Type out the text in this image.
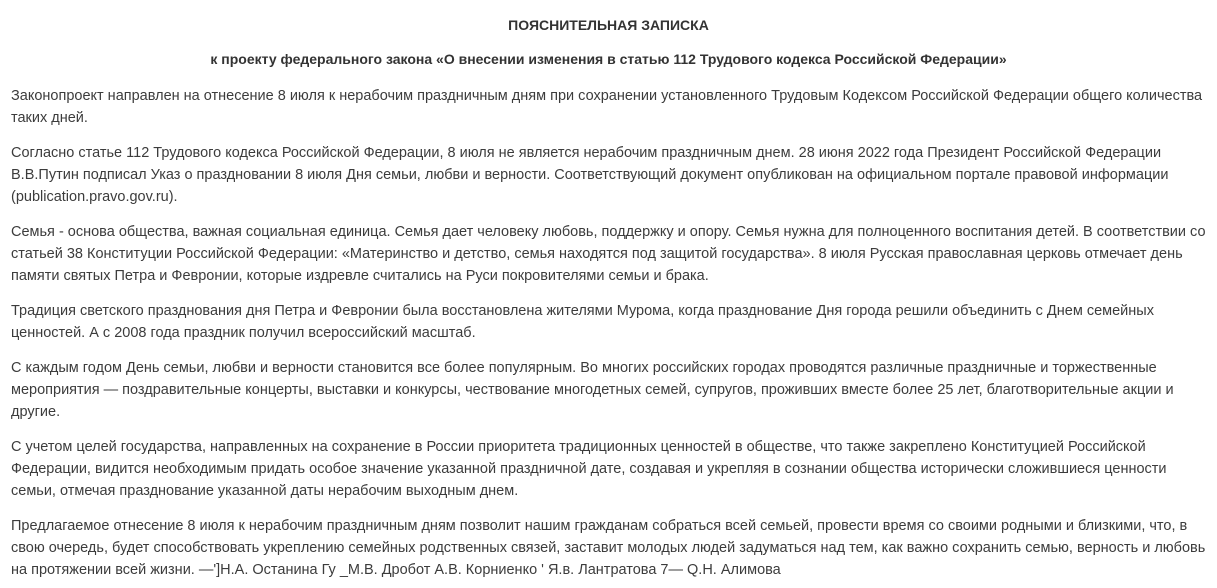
ПОЯСНИТЕЛЬНАЯ ЗАПИСКА
к проекту федерального закона «О внесении изменения в статью 112 Трудового кодекса Российской Федерации»

Законопроект направлен на отнесение 8 июля к нерабочим праздничным дням при сохранении установленного Трудовым Кодексом Российской Федерации общего количества таких дней.

Согласно статье 112 Трудового кодекса Российской Федерации, 8 июля не является нерабочим праздничным днем. 28 июня 2022 года Президент Российской Федерации В.В.Путин подписал Указ о праздновании 8 июля Дня семьи, любви и верности. Соответствующий документ опубликован на официальном портале правовой информации (publication.pravo.gov.ru).

Семья - основа общества, важная социальная единица. Семья дает человеку любовь, поддержку и опору. Семья нужна для полноценного воспитания детей. В соответствии со статьей 38 Конституции Российской Федерации: «Материнство и детство, семья находятся под защитой государства». 8 июля Русская православная церковь отмечает день памяти святых Петра и Февронии, которые издревле считались на Руси покровителями семьи и брака.

Традиция светского празднования дня Петра и Февронии была восстановлена жителями Мурома, когда празднование Дня города решили объединить с Днем семейных ценностей. А с 2008 года праздник получил всероссийский масштаб.

С каждым годом День семьи, любви и верности становится все более популярным. Во многих российских городах проводятся различные праздничные и торжественные мероприятия — поздравительные концерты, выставки и конкурсы, чествование многодетных семей, супругов, проживших вместе более 25 лет, благотворительные акции и другие.

С учетом целей государства, направленных на сохранение в России приоритета традиционных ценностей в обществе, что также закреплено Конституцией Российской Федерации, видится необходимым придать особое значение указанной праздничной дате, создавая и укрепляя в сознании общества исторически сложившиеся ценности семьи, отмечая празднование указанной даты нерабочим выходным днем.

Предлагаемое отнесение 8 июля к нерабочим праздничным дням позволит нашим гражданам собраться всей семьей, провести время со своими родными и близкими, что, в свою очередь, будет способствовать укреплению семейных родственных связей, заставит молодых людей задуматься над тем, как важно сохранить семью, верность и любовь на протяжении всей жизни. —']Н.А. Останина Гу _М.В. Дробот А.В. Корниенко ' Я.в. Лантратова 7— Q.Н. Алимова
